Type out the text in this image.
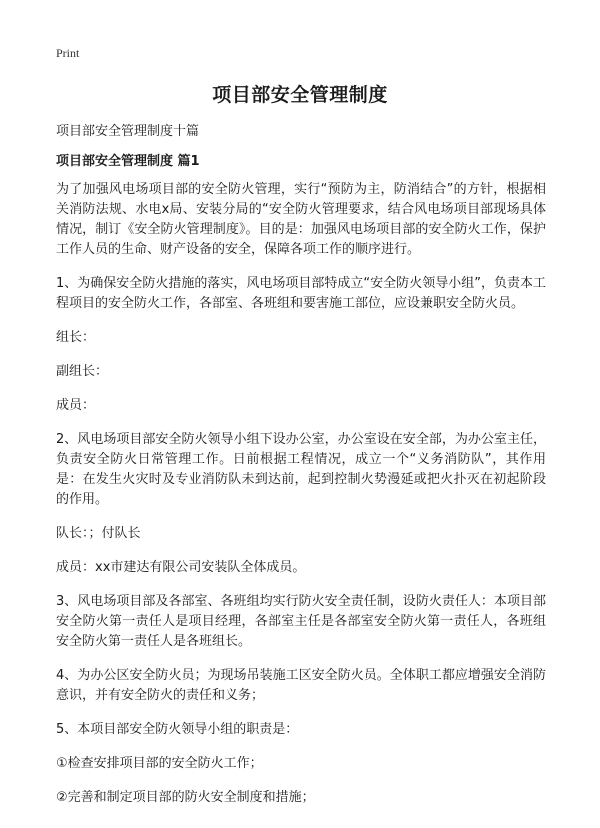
Print
项目部安全管理制度

项目部安全管理制度十篇

项目部安全管理制度 篇1

为了加强风电场项目部的安全防火管理，实行“预防为主，防消结合”的方针，根据相关消防法规、水电x局、安装分局的“安全防火管理要求，结合风电场项目部现场具体情况，制订《安全防火管理制度》。目的是：加强风电场项目部的安全防火工作，保护工作人员的生命、财产设备的安全，保障各项工作的顺序进行。

1、为确保安全防火措施的落实，风电场项目部特成立“安全防火领导小组”，负责本工程项目的安全防火工作，各部室、各班组和要害施工部位，应设兼职安全防火员。

组长：

副组长：

成员：

2、风电场项目部安全防火领导小组下设办公室，办公室设在安全部，为办公室主任，负责安全防火日常管理工作。日前根据工程情况，成立一个“义务消防队”，其作用是：在发生火灾时及专业消防队未到达前，起到控制火势漫延或把火扑灭在初起阶段的作用。

队长：；付队长

成员：xx市建达有限公司安装队全体成员。

3、风电场项目部及各部室、各班组均实行防火安全责任制，设防火责任人：本项目部安全防火第一责任人是项目经理，各部室主任是各部室安全防火第一责任人，各班组安全防火第一责任人是各班组长。

4、为办公区安全防火员；为现场吊装施工区安全防火员。全体职工都应增强安全消防意识，并有安全防火的责任和义务；

5、本项目部安全防火领导小组的职责是：

①检查安排项目部的安全防火工作；

②完善和制定项目部的防火安全制度和措施；
